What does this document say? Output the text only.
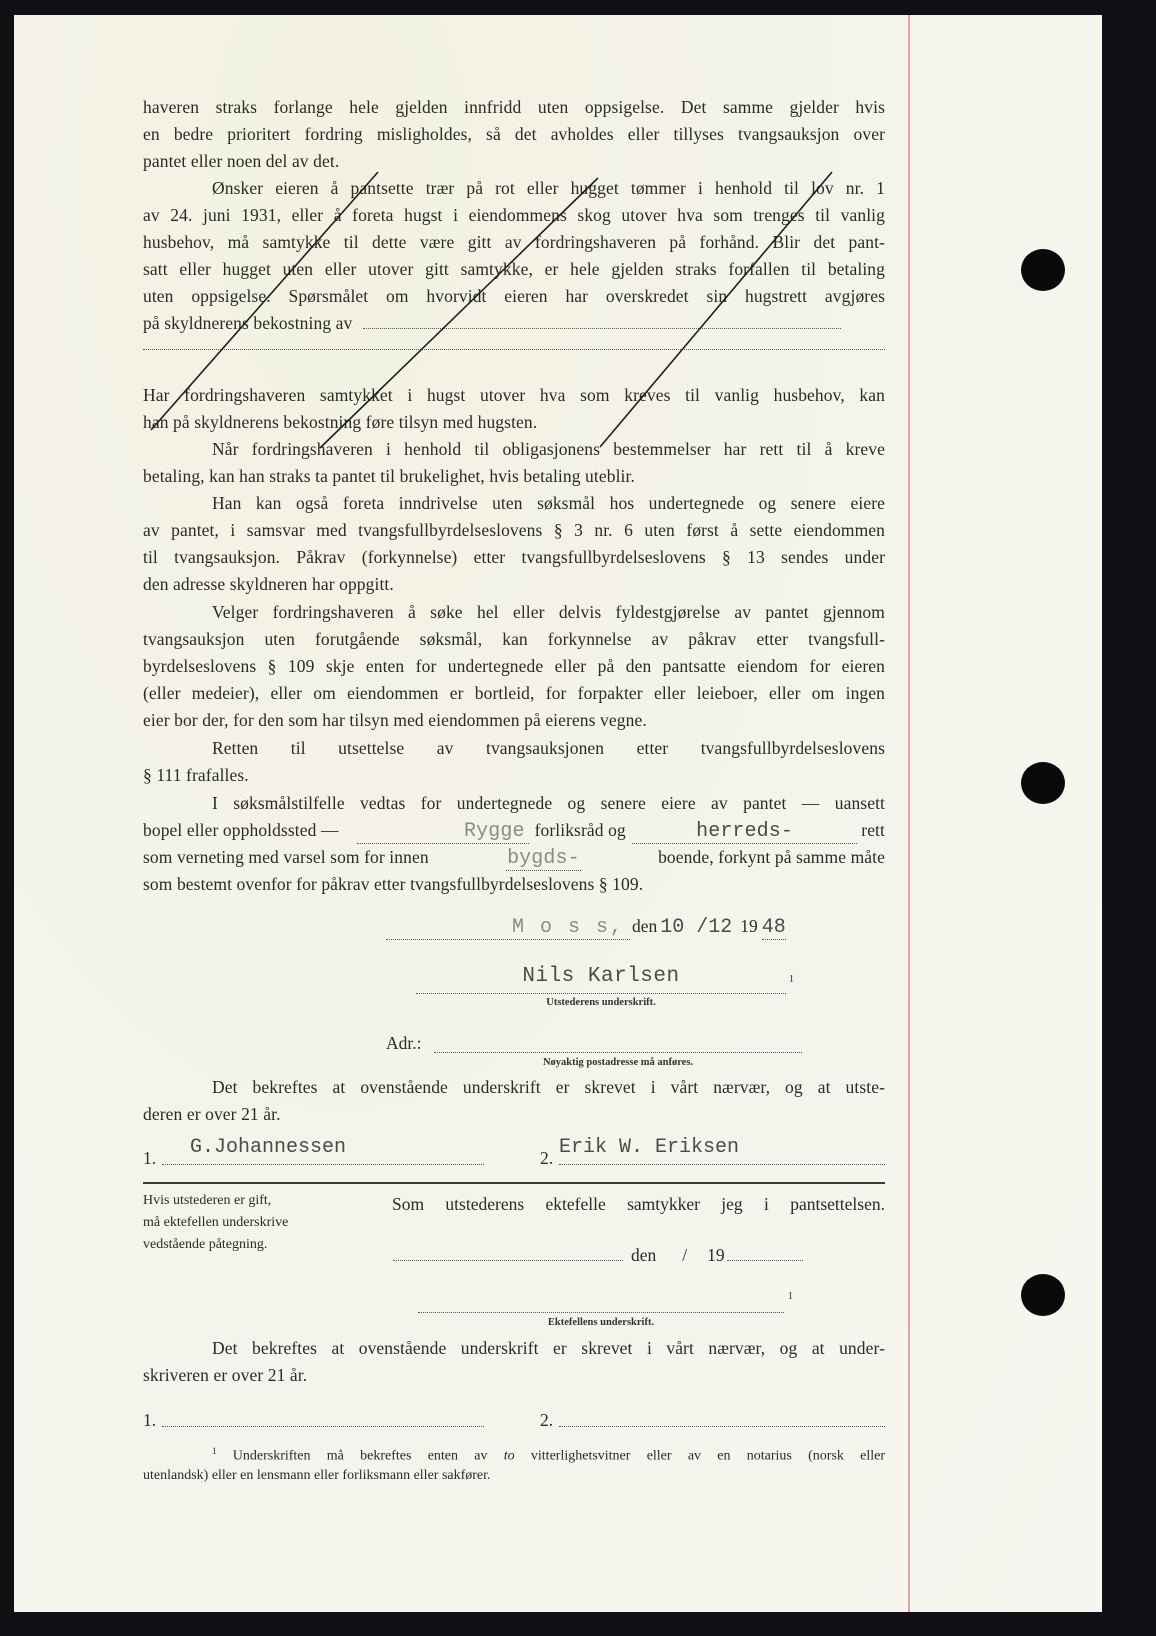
haveren straks forlange hele gjelden innfridd uten oppsigelse. Det samme gjelder hvis
en bedre prioritert fordring misligholdes, så det avholdes eller tillyses tvangsauksjon over
pantet eller noen del av det.
Ønsker eieren å pantsette trær på rot eller hugget tømmer i henhold til lov nr. 1
av 24. juni 1931, eller å foreta hugst i eiendommens skog utover hva som trenges til vanlig
husbehov, må samtykke til dette være gitt av fordringshaveren på forhånd. Blir det pant-
satt eller hugget uten eller utover gitt samtykke, er hele gjelden straks forfallen til betaling
uten oppsigelse. Spørsmålet om hvorvidt eieren har overskredet sin hugstrett avgjøres
på skyldnerens bekostning av
Har fordringshaveren samtykket i hugst utover hva som kreves til vanlig husbehov, kan
han på skyldnerens bekostning føre tilsyn med hugsten.
Når fordringshaveren i henhold til obligasjonens bestemmelser har rett til å kreve
betaling, kan han straks ta pantet til brukelighet, hvis betaling uteblir.
Han kan også foreta inndrivelse uten søksmål hos undertegnede og senere eiere
av pantet, i samsvar med tvangsfullbyrdelseslovens § 3 nr. 6 uten først å sette eiendommen
til tvangsauksjon. Påkrav (forkynnelse) etter tvangsfullbyrdelseslovens § 13 sendes under
den adresse skyldneren har oppgitt.
Velger fordringshaveren å søke hel eller delvis fyldestgjørelse av pantet gjennom
tvangsauksjon uten forutgående søksmål, kan forkynnelse av påkrav etter tvangsfull-
byrdelseslovens § 109 skje enten for undertegnede eller på den pantsatte eiendom for eieren
(eller medeier), eller om eiendommen er bortleid, for forpakter eller leieboer, eller om ingen
eier bor der, for den som har tilsyn med eiendommen på eierens vegne.
Retten til utsettelse av tvangsauksjonen etter tvangsfullbyrdelseslovens
§ 111 frafalles.
I søksmålstilfelle vedtas for undertegnede og senere eiere av pantet — uansett
bopel eller oppholdssted —	Rygge forliksråd og	herreds-	rett
som verneting med varsel som for innen	bygds-	boende, forkynt på samme måte
som bestemt ovenfor for påkrav etter tvangsfullbyrdelseslovens § 109.
M o s s, den 10 /12 19 48
Nils Karlsen	1
Utstederens underskrift.
Adr.:
Nøyaktig postadresse må anføres.
Det bekreftes at ovenstående underskrift er skrevet i vårt nærvær, og at utste-
deren er over 21 år.
1.	G.Johannessen	2. Erik W. Eriksen
Hvis utstederen er gift,
må ektefellen underskrive
vedstående påtegning.
Som utstederens ektefelle samtykker jeg i pantsettelsen.
den / 19
1
Ektefellens underskrift.
Det bekreftes at ovenstående underskrift er skrevet i vårt nærvær, og at under-
skriveren er over 21 år.
1.	2.
$^1$ Underskriften må bekreftes enten av to vitterlighetsvitner eller av en notarius (norsk eller
utenlandsk) eller en lensmann eller forliksmann eller sakfører.
